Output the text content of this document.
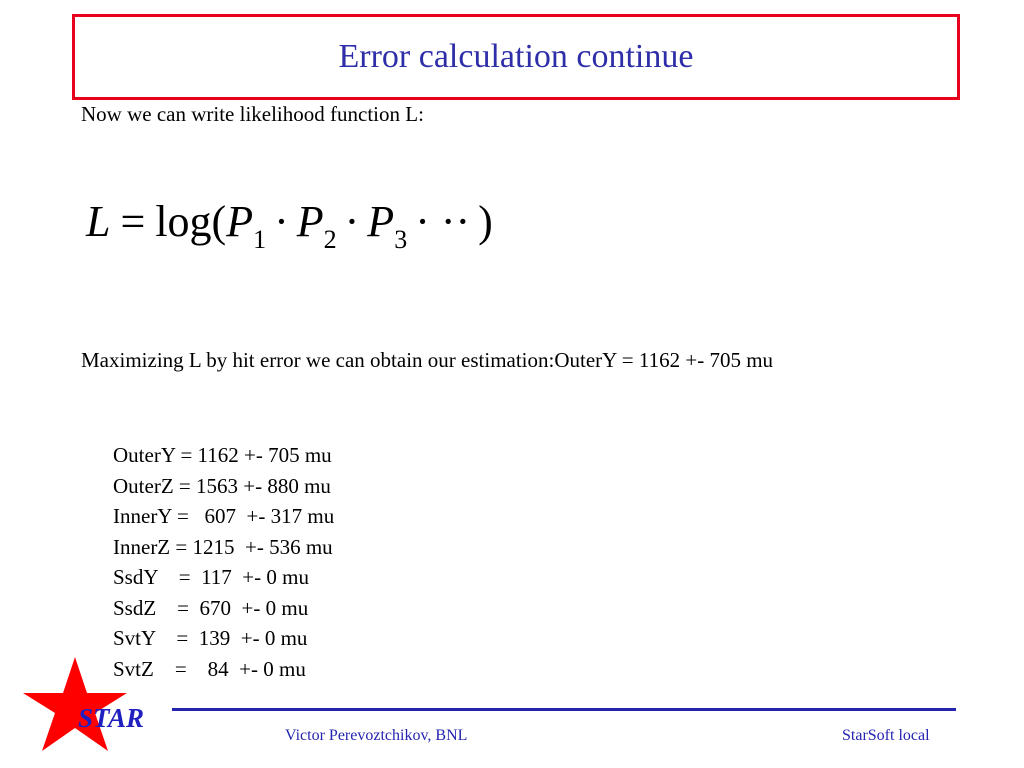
Error calculation continue
Now we can write likelihood function L:
$L = \log(P_1 \cdot P_2 \cdot P_3$ · ·· )
Maximizing L by hit error we can obtain our estimation:OuterY = 1162 +- 705 mu
OuterY = 1162 +- 705 mu
OuterZ = 1563 +- 880 mu
InnerY =   607  +- 317 mu
InnerZ = 1215  +- 536 mu
SsdY    =  117  +- 0 mu
SsdZ    =  670  +- 0 mu
SvtY    =  139  +- 0 mu
SvtZ    =    84  +- 0 mu
STAR
Victor Perevoztchikov, BNL	StarSoft local
